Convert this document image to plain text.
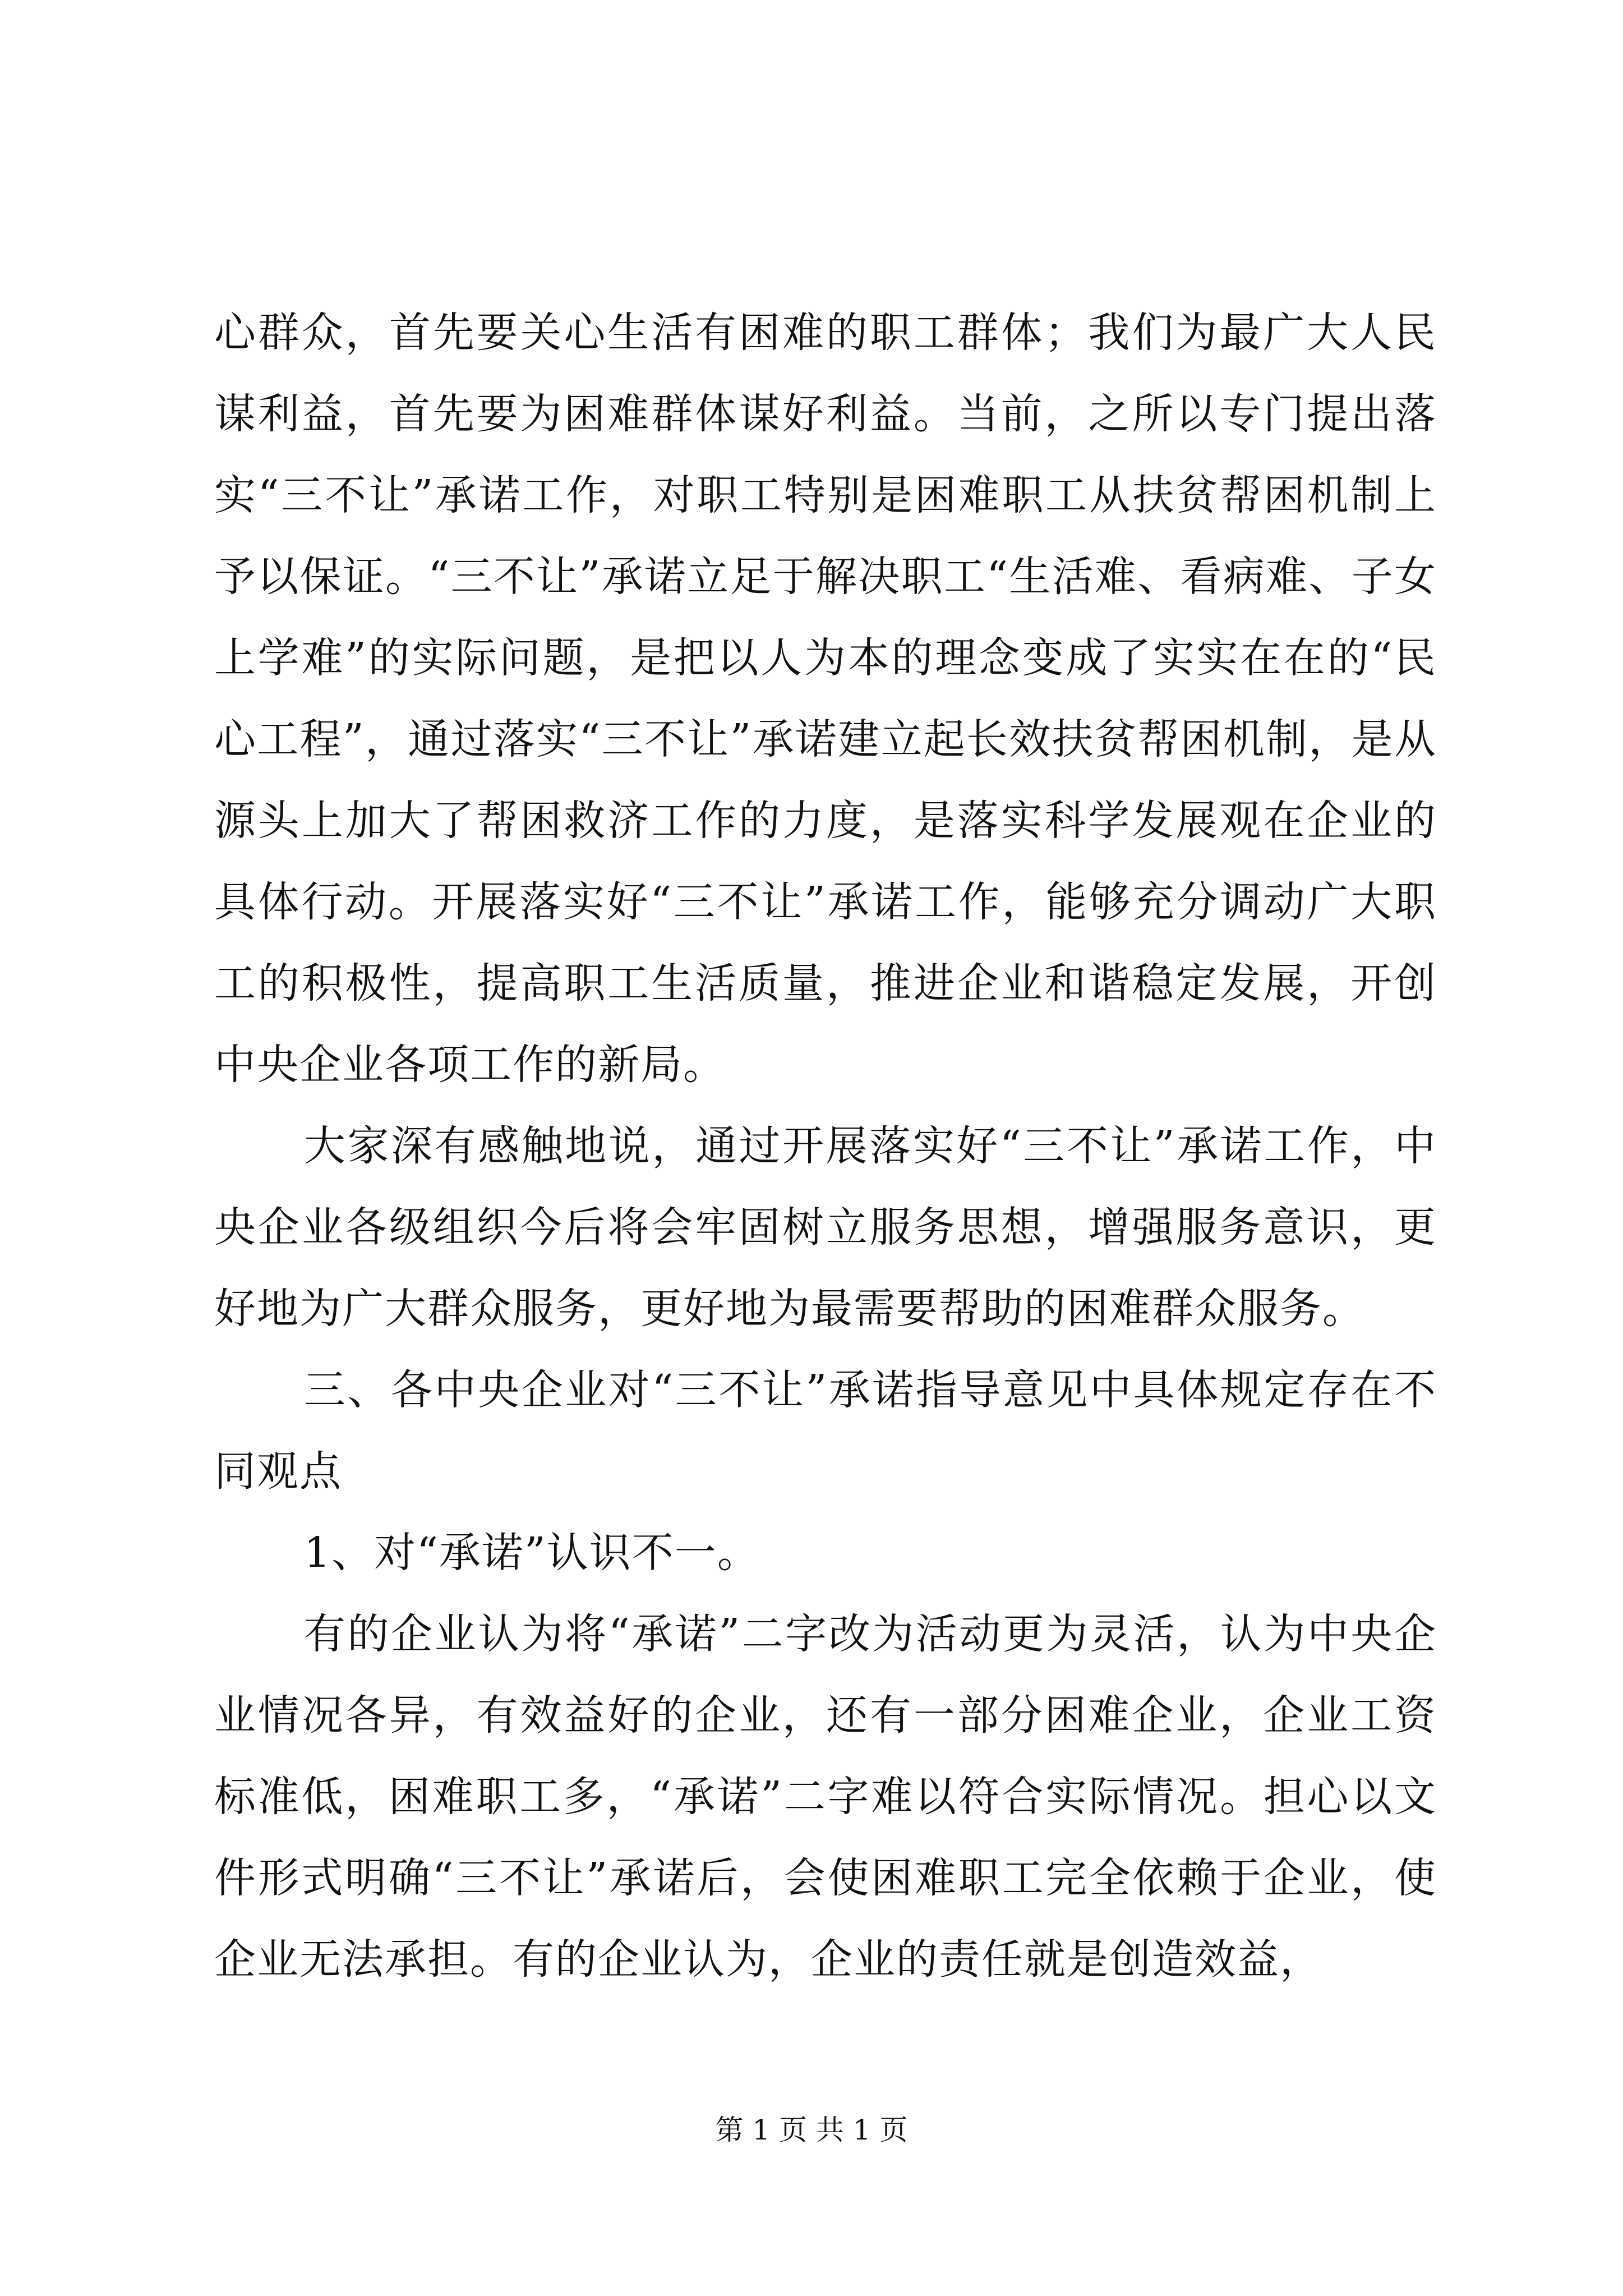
心群众，首先要关心生活有困难的职工群体；我们为最广大人民谋利益，首先要为困难群体谋好利益。当前，之所以专门提出落实“三不让”承诺工作，对职工特别是困难职工从扶贫帮困机制上予以保证。“三不让”承诺立足于解决职工“生活难、看病难、子女上学难”的实际问题，是把以人为本的理念变成了实实在在的“民心工程”，通过落实“三不让”承诺建立起长效扶贫帮困机制，是从源头上加大了帮困救济工作的力度，是落实科学发展观在企业的具体行动。开展落实好“三不让”承诺工作，能够充分调动广大职工的积极性，提高职工生活质量，推进企业和谐稳定发展，开创中央企业各项工作的新局。

大家深有感触地说，通过开展落实好“三不让”承诺工作，中央企业各级组织今后将会牢固树立服务思想，增强服务意识，更好地为广大群众服务，更好地为最需要帮助的困难群众服务。

三、各中央企业对“三不让”承诺指导意见中具体规定存在不同观点

1、对“承诺”认识不一。

有的企业认为将“承诺”二字改为活动更为灵活，认为中央企业情况各异，有效益好的企业，还有一部分困难企业，企业工资标准低，困难职工多，“承诺”二字难以符合实际情况。担心以文件形式明确“三不让”承诺后，会使困难职工完全依赖于企业，使企业无法承担。有的企业认为，企业的责任就是创造效益，

第 1 页 共 1 页
